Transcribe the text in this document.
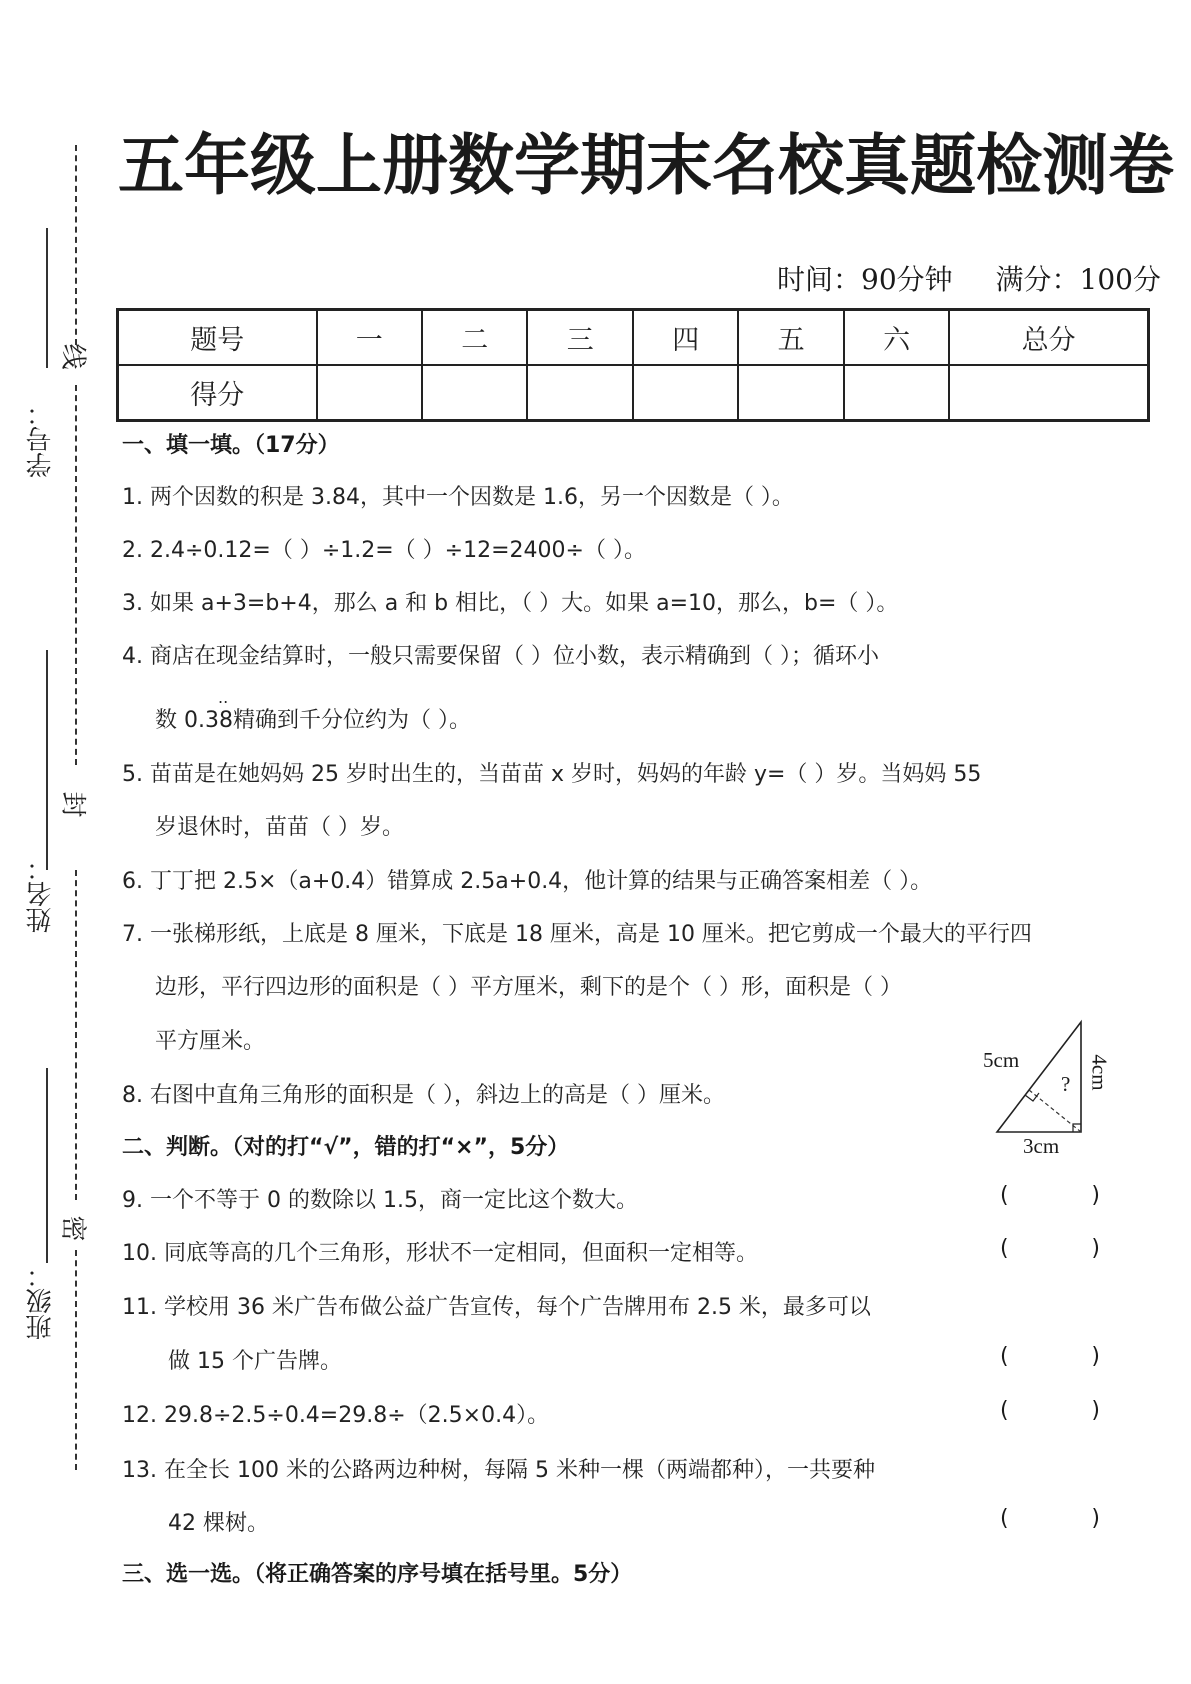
线
封
密
学号：
姓名：
班级：
五年级上册数学期末名校真题检测卷
时间：90分钟 满分：100分
题号	一	二	三	四	五	六	总分
得分							
一、填一填。（17分）
1. 两个因数的积是 3.84，其中一个因数是 1.6，另一个因数是（ ）。
2. 2.4÷0.12=（ ）÷1.2=（ ）÷12=2400÷（ ）。
3. 如果 a+3=b+4，那么 a 和 b 相比，（ ）大。如果 a=10，那么，b=（ ）。
4. 商店在现金结算时，一般只需要保留（ ）位小数，表示精确到（ ）；循环小
..
数 0.38精确到千分位约为（ ）。
5. 苗苗是在她妈妈 25 岁时出生的，当苗苗 x 岁时，妈妈的年龄 y=（ ）岁。当妈妈 55
岁退休时，苗苗（ ）岁。
6. 丁丁把 2.5×（a+0.4）错算成 2.5a+0.4，他计算的结果与正确答案相差（ ）。
7. 一张梯形纸，上底是 8 厘米，下底是 18 厘米，高是 10 厘米。把它剪成一个最大的平行四
边形，平行四边形的面积是（ ）平方厘米，剩下的是个（ ）形，面积是（ ）
平方厘米。
8. 右图中直角三角形的面积是（ ），斜边上的高是（ ）厘米。
5cm
? 4cm
3cm
二、判断。（对的打“√”，错的打“×”，5分）
9. 一个不等于 0 的数除以 1.5，商一定比这个数大。	(	)
10. 同底等高的几个三角形，形状不一定相同，但面积一定相等。	(	)
11. 学校用 36 米广告布做公益广告宣传，每个广告牌用布 2.5 米，最多可以
做 15 个广告牌。	(	)
12. 29.8÷2.5÷0.4=29.8÷（2.5×0.4）。	(	)
13. 在全长 100 米的公路两边种树，每隔 5 米种一棵（两端都种），一共要种
42 棵树。	(	)
三、选一选。（将正确答案的序号填在括号里。5分）
